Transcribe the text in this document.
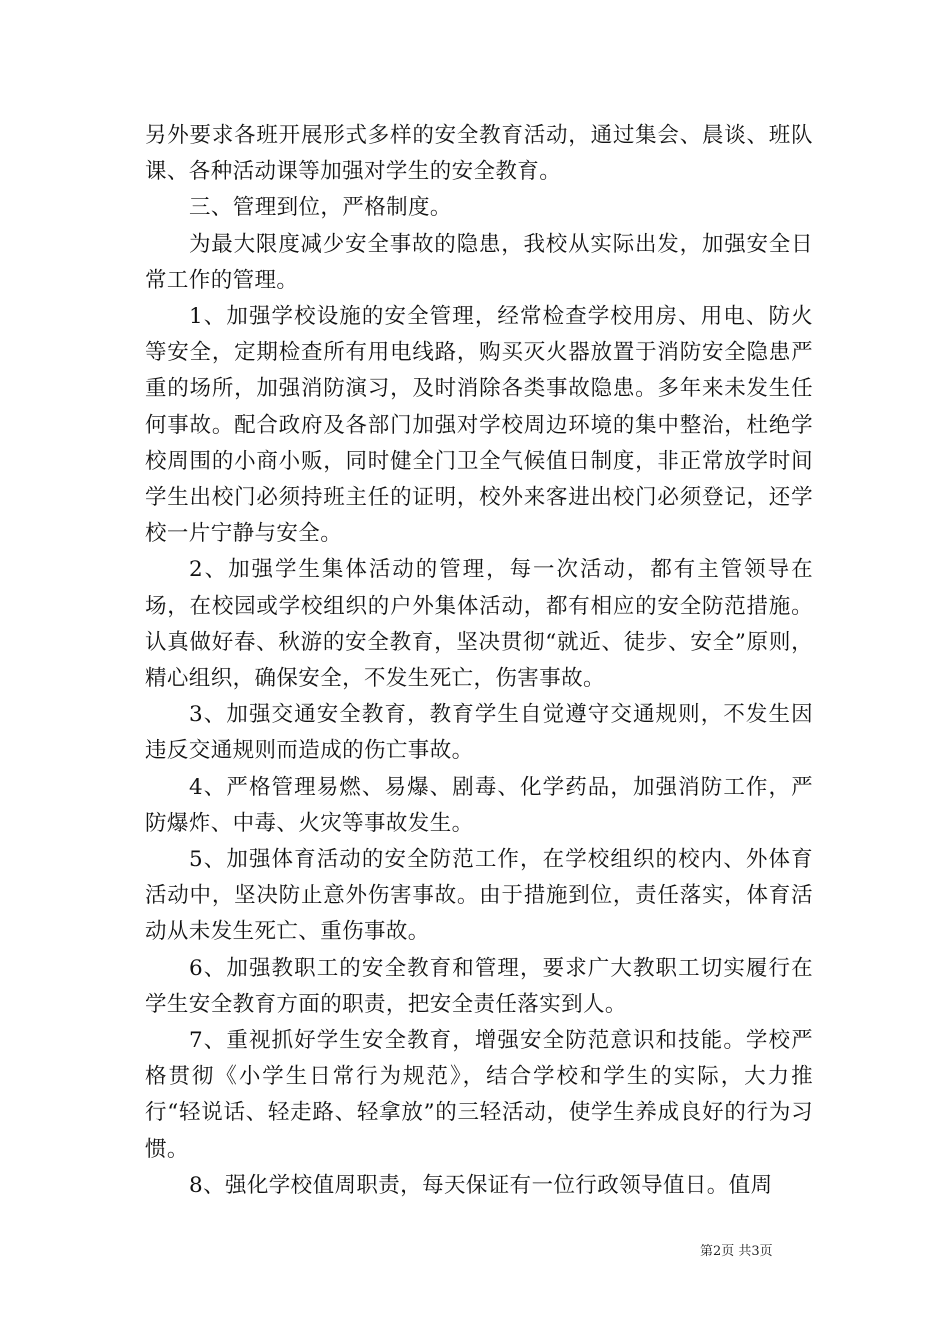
另外要求各班开展形式多样的安全教育活动，通过集会、晨谈、班队课、各种活动课等加强对学生的安全教育。

三、管理到位，严格制度。

为最大限度减少安全事故的隐患，我校从实际出发，加强安全日常工作的管理。

1、加强学校设施的安全管理，经常检查学校用房、用电、防火等安全，定期检查所有用电线路，购买灭火器放置于消防安全隐患严重的场所，加强消防演习，及时消除各类事故隐患。多年来未发生任何事故。配合政府及各部门加强对学校周边环境的集中整治，杜绝学校周围的小商小贩，同时健全门卫全气候值日制度，非正常放学时间学生出校门必须持班主任的证明，校外来客进出校门必须登记，还学校一片宁静与安全。

2、加强学生集体活动的管理，每一次活动，都有主管领导在场，在校园或学校组织的户外集体活动，都有相应的安全防范措施。认真做好春、秋游的安全教育，坚决贯彻“就近、徒步、安全”原则，精心组织，确保安全，不发生死亡，伤害事故。

3、加强交通安全教育，教育学生自觉遵守交通规则，不发生因违反交通规则而造成的伤亡事故。

4、严格管理易燃、易爆、剧毒、化学药品，加强消防工作，严防爆炸、中毒、火灾等事故发生。

5、加强体育活动的安全防范工作，在学校组织的校内、外体育活动中，坚决防止意外伤害事故。由于措施到位，责任落实，体育活动从未发生死亡、重伤事故。

6、加强教职工的安全教育和管理，要求广大教职工切实履行在学生安全教育方面的职责，把安全责任落实到人。

7、重视抓好学生安全教育，增强安全防范意识和技能。学校严格贯彻《小学生日常行为规范》，结合学校和学生的实际，大力推行“轻说话、轻走路、轻拿放”的三轻活动，使学生养成良好的行为习惯。

8、强化学校值周职责，每天保证有一位行政领导值日。值周

第2页 共3页
